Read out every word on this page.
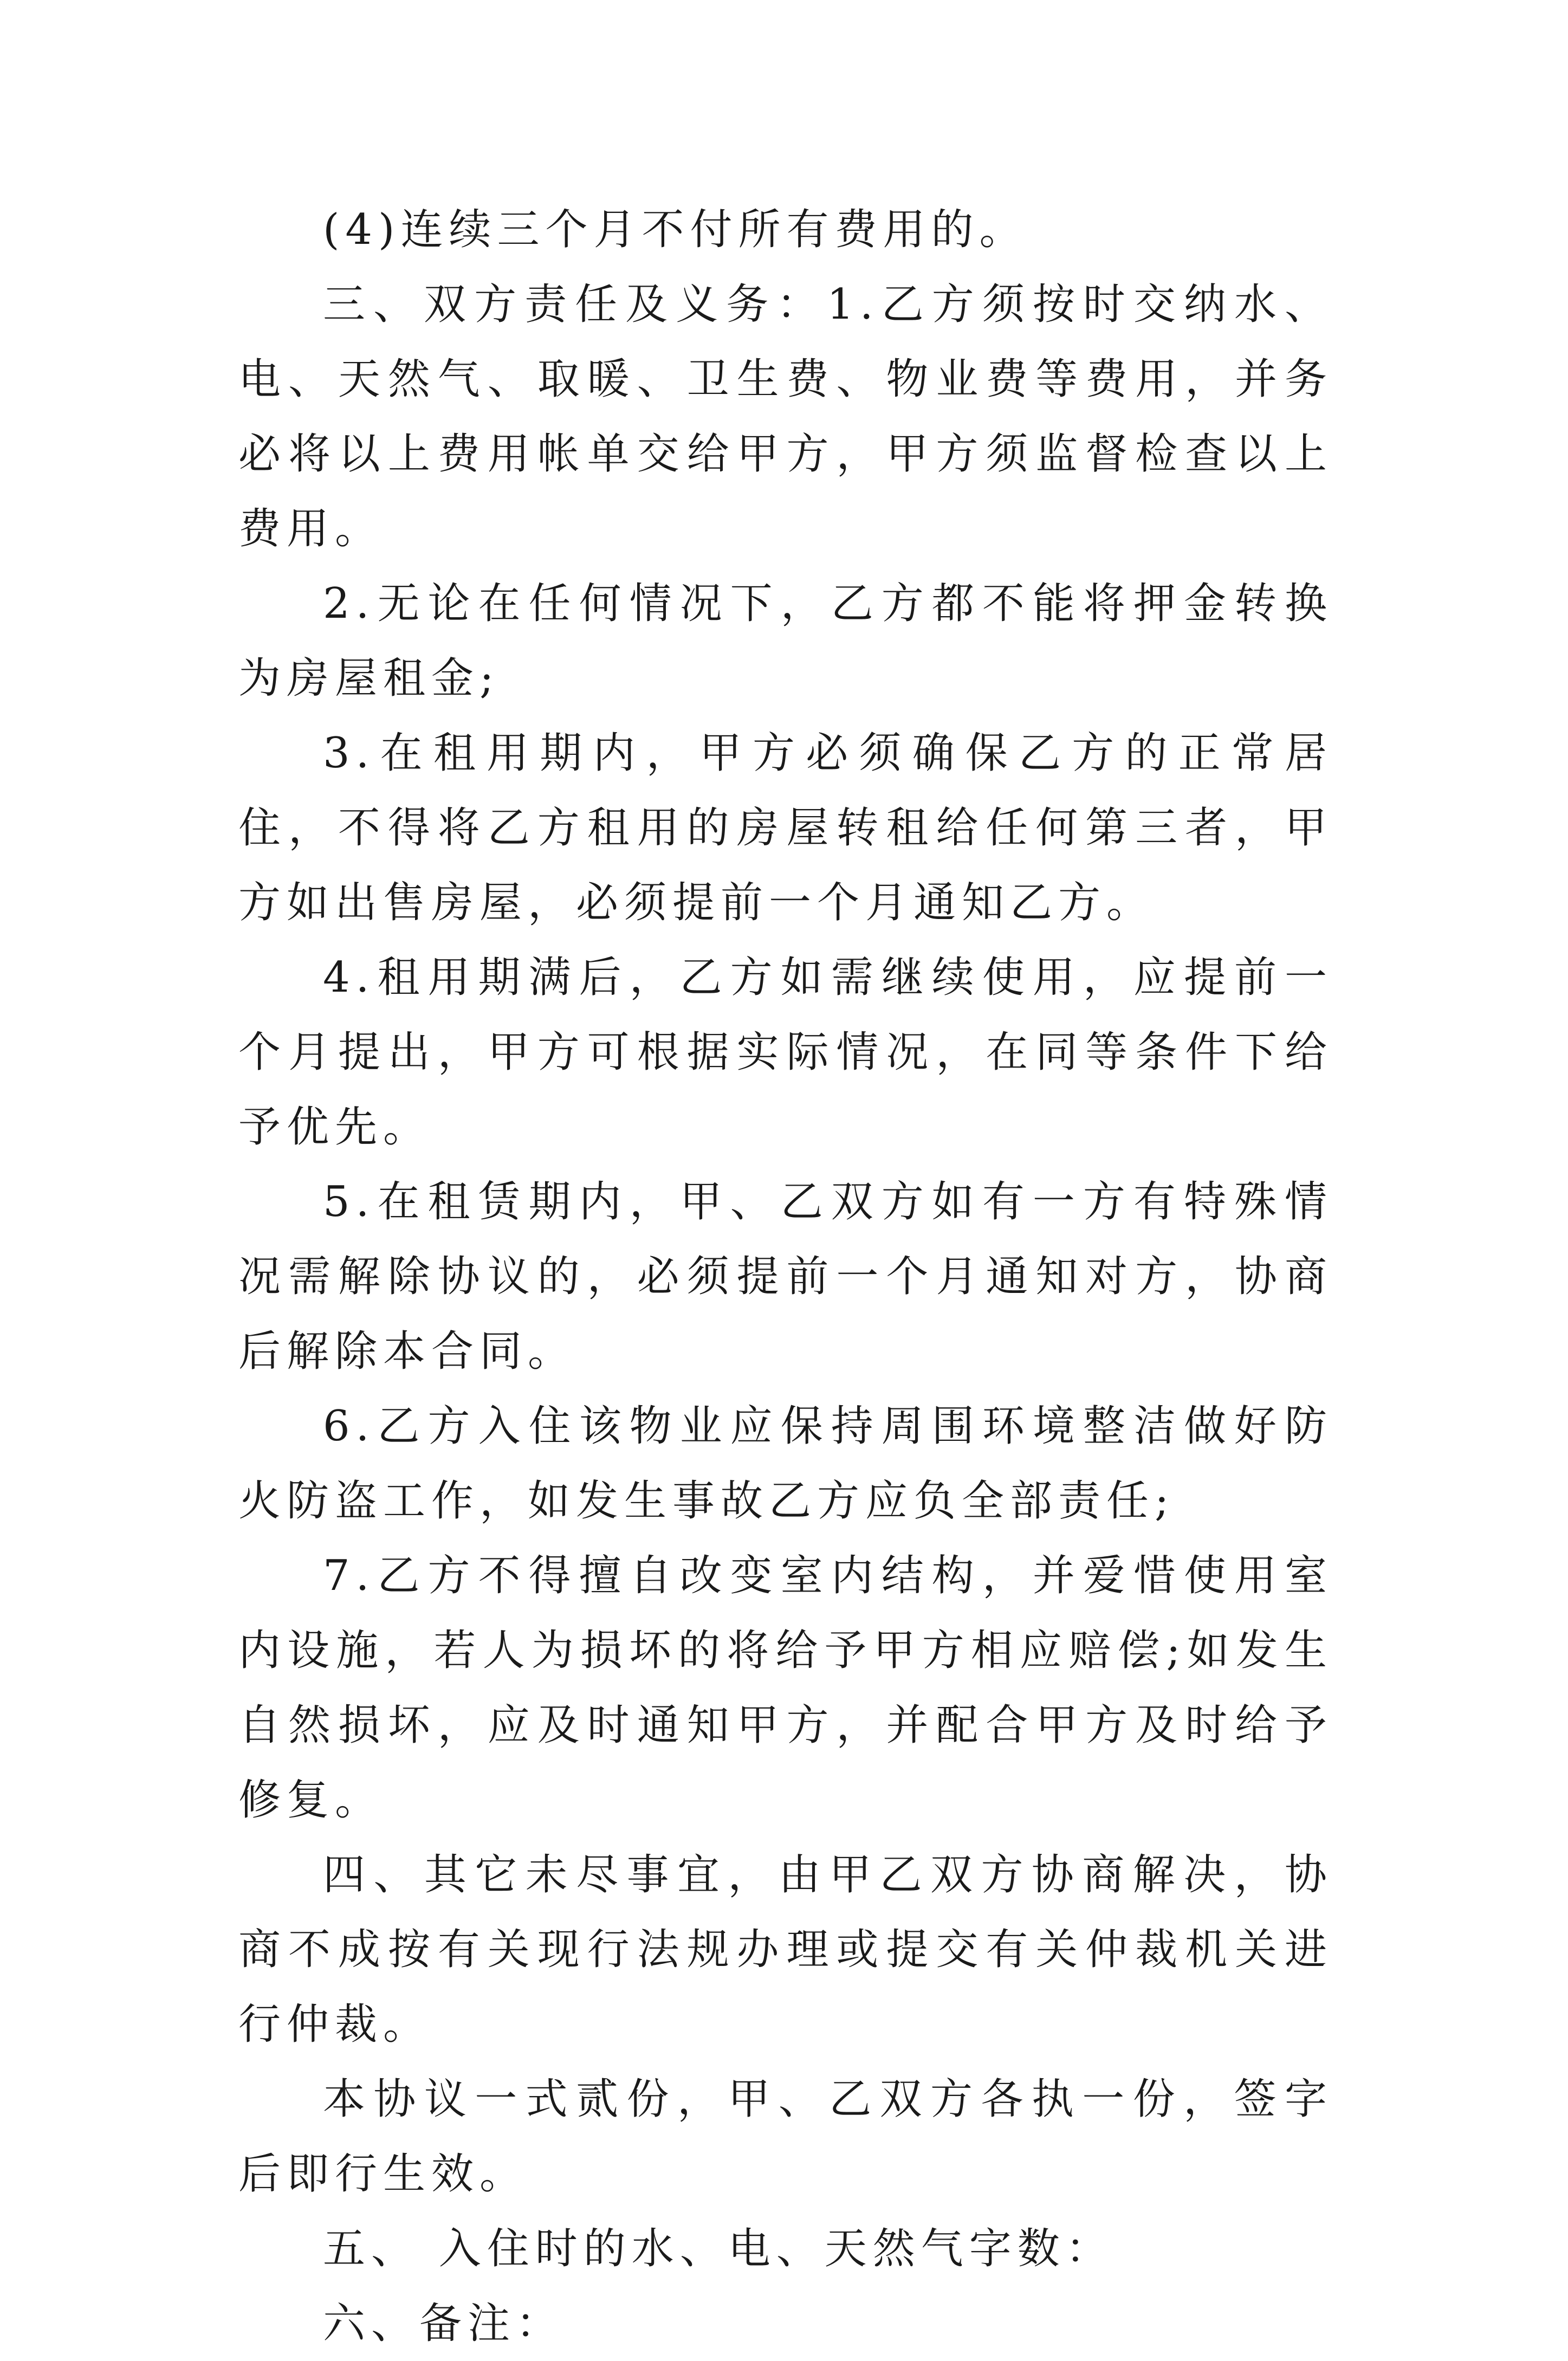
(4)连续三个月不付所有费用的。

三、双方责任及义务：1.乙方须按时交纳水、电、天然气、取暖、卫生费、物业费等费用，并务必将以上费用帐单交给甲方，甲方须监督检查以上费用。

2.无论在任何情况下，乙方都不能将押金转换为房屋租金;

3.在租用期内，甲方必须确保乙方的正常居住，不得将乙方租用的房屋转租给任何第三者，甲方如出售房屋，必须提前一个月通知乙方。

4.租用期满后，乙方如需继续使用，应提前一个月提出，甲方可根据实际情况，在同等条件下给予优先。

5.在租赁期内，甲、乙双方如有一方有特殊情况需解除协议的，必须提前一个月通知对方，协商后解除本合同。

6.乙方入住该物业应保持周围环境整洁做好防火防盗工作，如发生事故乙方应负全部责任;

7.乙方不得擅自改变室内结构，并爱惜使用室内设施，若人为损坏的将给予甲方相应赔偿;如发生自然损坏，应及时通知甲方，并配合甲方及时给予修复。

四、其它未尽事宜，由甲乙双方协商解决，协商不成按有关现行法规办理或提交有关仲裁机关进行仲裁。

本协议一式贰份，甲、乙双方各执一份，签字后即行生效。

五、 入住时的水、电、天然气字数：

六、备注：
